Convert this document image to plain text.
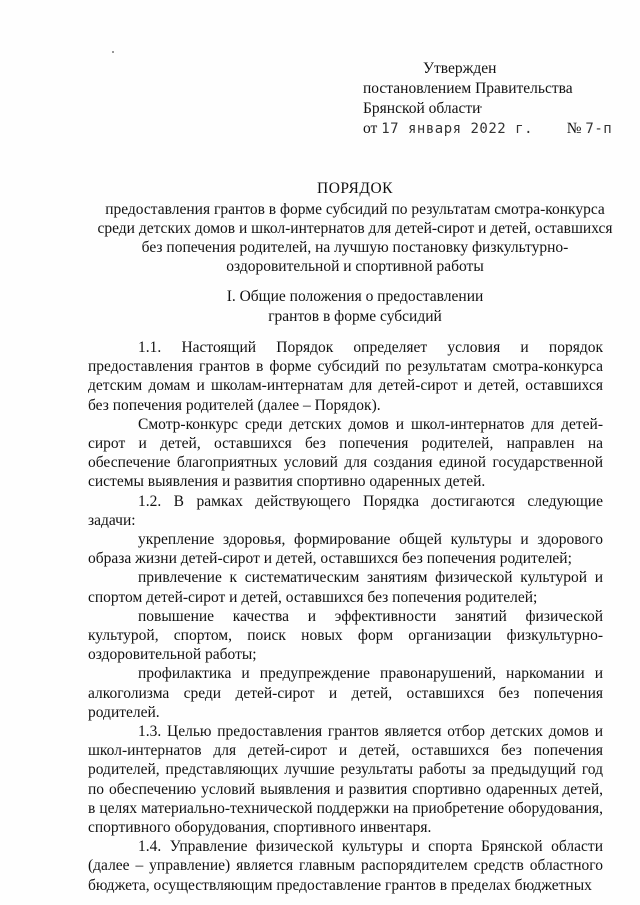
Утвержден
постановлением Правительства
Брянской области
от 17 января 2022 г. № 7-п
ПОРЯДОК
предоставления грантов в форме субсидий по результатам смотра-конкурса
среди детских домов и школ-интернатов для детей-сирот и детей, оставшихся
без попечения родителей, на лучшую постановку физкультурно-
оздоровительной и спортивной работы
I. Общие положения о предоставлении
грантов в форме субсидий

1.1. Настоящий Порядок определяет условия и порядок предоставления грантов в форме субсидий по результатам смотра-конкурса детским домам и школам-интернатам для детей-сирот и детей, оставшихся без попечения родителей (далее – Порядок).

Смотр-конкурс среди детских домов и школ-интернатов для детей-сирот и детей, оставшихся без попечения родителей, направлен на обеспечение благоприятных условий для создания единой государственной системы выявления и развития спортивно одаренных детей.

1.2. В рамках действующего Порядка достигаются следующие задачи:

укрепление здоровья, формирование общей культуры и здорового образа жизни детей-сирот и детей, оставшихся без попечения родителей;

привлечение к систематическим занятиям физической культурой и спортом детей-сирот и детей, оставшихся без попечения родителей;

повышение качества и эффективности занятий физической культурой, спортом, поиск новых форм организации физкультурно-оздоровительной работы;

профилактика и предупреждение правонарушений, наркомании и алкоголизма среди детей-сирот и детей, оставшихся без попечения родителей.

1.3. Целью предоставления грантов является отбор детских домов и школ-интернатов для детей-сирот и детей, оставшихся без попечения родителей, представляющих лучшие результаты работы за предыдущий год по обеспечению условий выявления и развития спортивно одаренных детей, в целях материально-технической поддержки на приобретение оборудования, спортивного оборудования, спортивного инвентаря.

1.4. Управление физической культуры и спорта Брянской области (далее – управление) является главным распорядителем средств областного бюджета, осуществляющим предоставление грантов в пределах бюджетных
